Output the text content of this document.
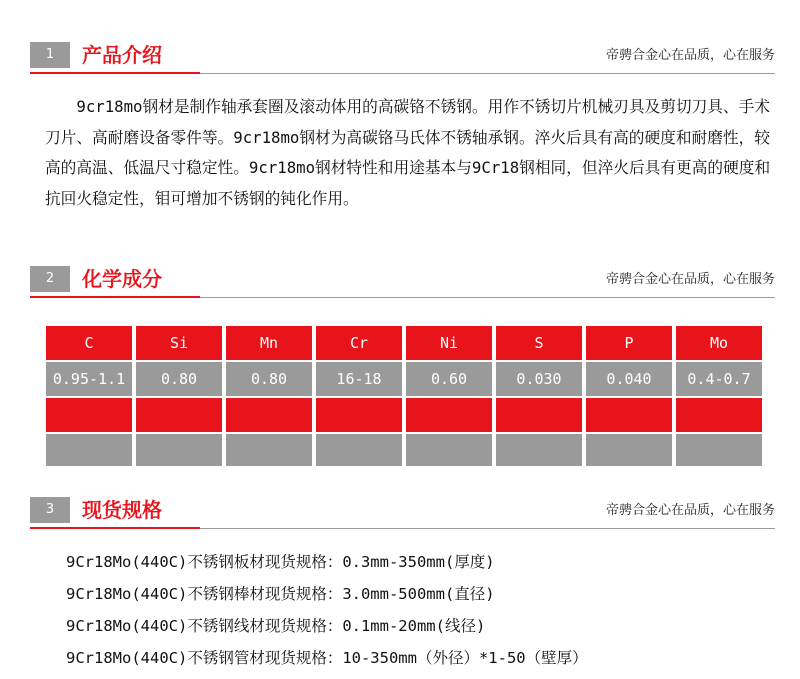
1	产品介绍	帝骋合金心在品质，心在服务

9cr18mo钢材是制作轴承套圈及滚动体用的高碳铬不锈钢。用作不锈切片机械刃具及剪切刀具、手术刀片、高耐磨设备零件等。9cr18mo钢材为高碳铬马氏体不锈轴承钢。淬火后具有高的硬度和耐磨性，较高的高温、低温尺寸稳定性。9cr18mo钢材特性和用途基本与9Cr18钢相同，但淬火后具有更高的硬度和抗回火稳定性，钼可增加不锈钢的钝化作用。

2	化学成分	帝骋合金心在品质，心在服务
C	Si	Mn	Cr	Ni	S	P	Mo

0.95-1.1	0.80	0.80	16-18	0.60	0.030	0.040	0.4-0.7

3	现货规格	帝骋合金心在品质，心在服务
9Cr18Mo(440C)不锈钢板材现货规格：0.3mm-350mm(厚度)
9Cr18Mo(440C)不锈钢棒材现货规格：3.0mm-500mm(直径)
9Cr18Mo(440C)不锈钢线材现货规格：0.1mm-20mm(线径)
9Cr18Mo(440C)不锈钢管材现货规格：10-350mm（外径）*1-50（壁厚）
